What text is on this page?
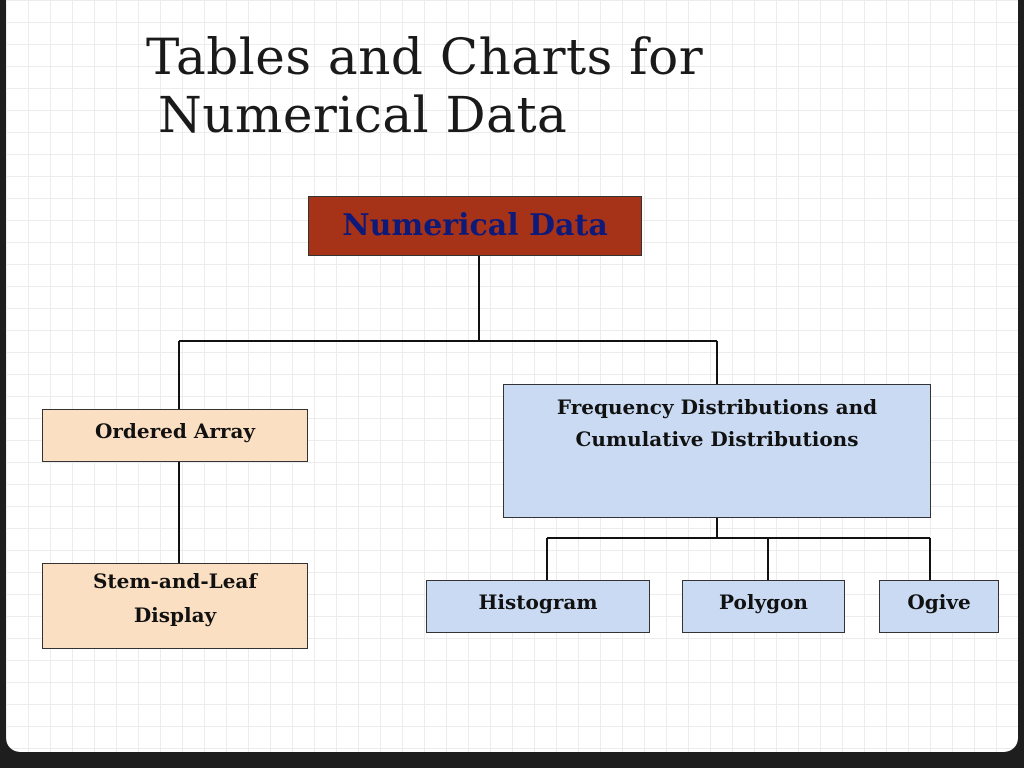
Tables and Charts for
Numerical Data
Numerical Data
Ordered Array
Stem-and-Leaf
Display
Frequency Distributions and
Cumulative Distributions
Histogram	Polygon	Ogive
